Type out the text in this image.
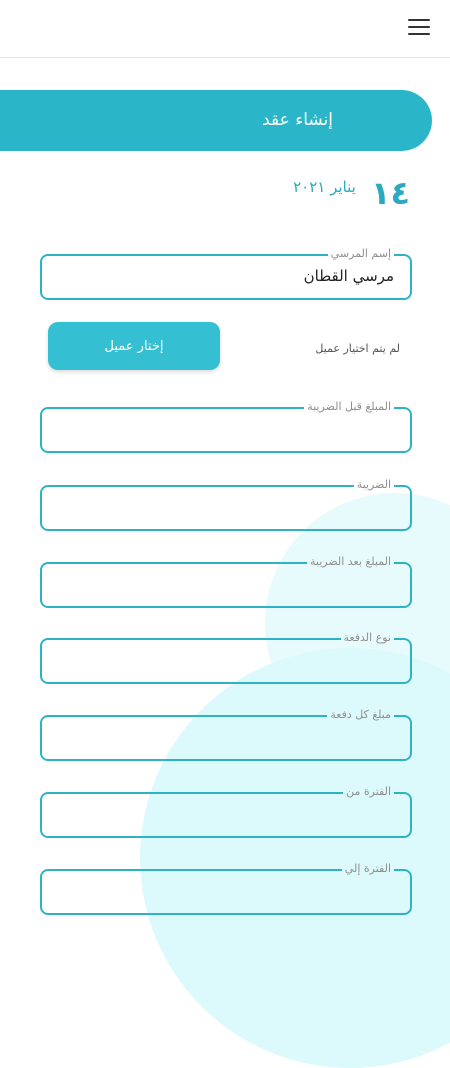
إنشاء عقد
١٤ يناير ٢٠٢١
إسم المرسي
مرسي القطان
لم يتم اختيار عميل
إختار عميل
المبلغ قبل الضريبة
الضريبة
المبلغ بعد الضريبة
نوع الدفعة
مبلغ كل دفعة
الفترة من
الفترة إلي
